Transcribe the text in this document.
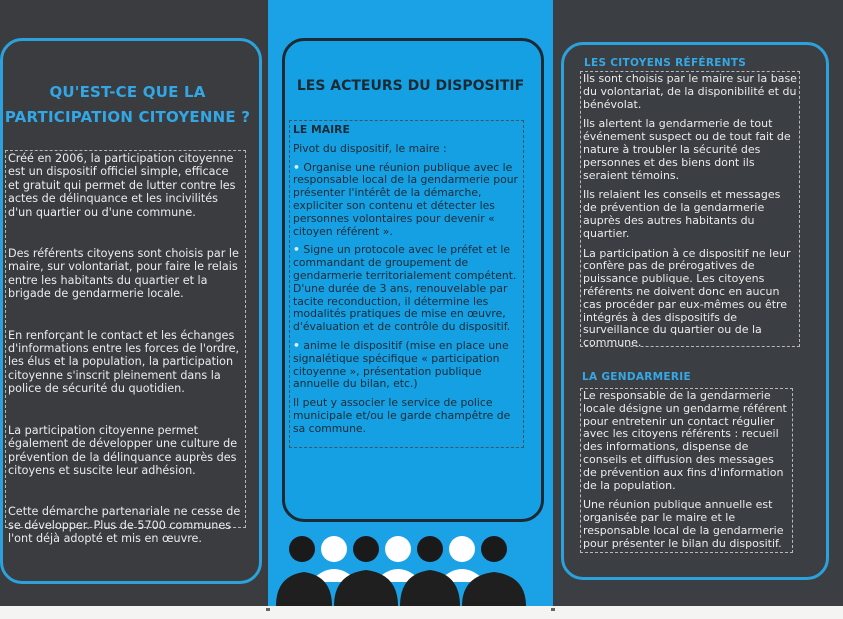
QU'EST-CE QUE LA
PARTICIPATION CITOYENNE ?

Créé en 2006, la participation citoyenne est un dispositif officiel simple, efficace et gratuit qui permet de lutter contre les actes de délinquance et les incivilités d'un quartier ou d'une commune.

Des référents citoyens sont choisis par le maire, sur volontariat, pour faire le relais entre les habitants du quartier et la brigade de gendarmerie locale.

En renforçant le contact et les échanges d'informations entre les forces de l'ordre, les élus et la population, la participation citoyenne s'inscrit pleinement dans la police de sécurité du quotidien.

La participation citoyenne permet également de développer une culture de prévention de la délinquance auprès des citoyens et suscite leur adhésion.

Cette démarche partenariale ne cesse de se développer. Plus de 5700 communes l'ont déjà adopté et mis en œuvre.

LES ACTEURS DU DISPOSITIF
LE MAIRE
Pivot du dispositif, le maire :
• Organise une réunion publique avec le responsable local de la gendarmerie pour présenter l'intérêt de la démarche, expliciter son contenu et détecter les personnes volontaires pour devenir « citoyen référent ».
• Signe un protocole avec le préfet et le commandant de groupement de gendarmerie territorialement compétent. D'une durée de 3 ans, renouvelable par tacite reconduction, il détermine les modalités pratiques de mise en œuvre, d'évaluation et de contrôle du dispositif.
• anime le dispositif (mise en place une signalétique spécifique « participation citoyenne », présentation publique annuelle du bilan, etc.)
Il peut y associer le service de police municipale et/ou le garde champêtre de sa commune.
LES CITOYENS RÉFÉRENTS

Ils sont choisis par le maire sur la base du volontariat, de la disponibilité et du bénévolat.

Ils alertent la gendarmerie de tout événement suspect ou de tout fait de nature à troubler la sécurité des personnes et des biens dont ils seraient témoins.

Ils relaient les conseils et messages de prévention de la gendarmerie auprès des autres habitants du quartier.

La participation à ce dispositif ne leur confère pas de prérogatives de puissance publique. Les citoyens référents ne doivent donc en aucun cas procéder par eux-mêmes ou être intégrés à des dispositifs de surveillance du quartier ou de la commune.

LA GENDARMERIE

Le responsable de la gendarmerie locale désigne un gendarme référent pour entretenir un contact régulier avec les citoyens référents : recueil des informations, dispense de conseils et diffusion des messages de prévention aux fins d'information de la population.

Une réunion publique annuelle est organisée par le maire et le responsable local de la gendarmerie pour présenter le bilan du dispositif.
